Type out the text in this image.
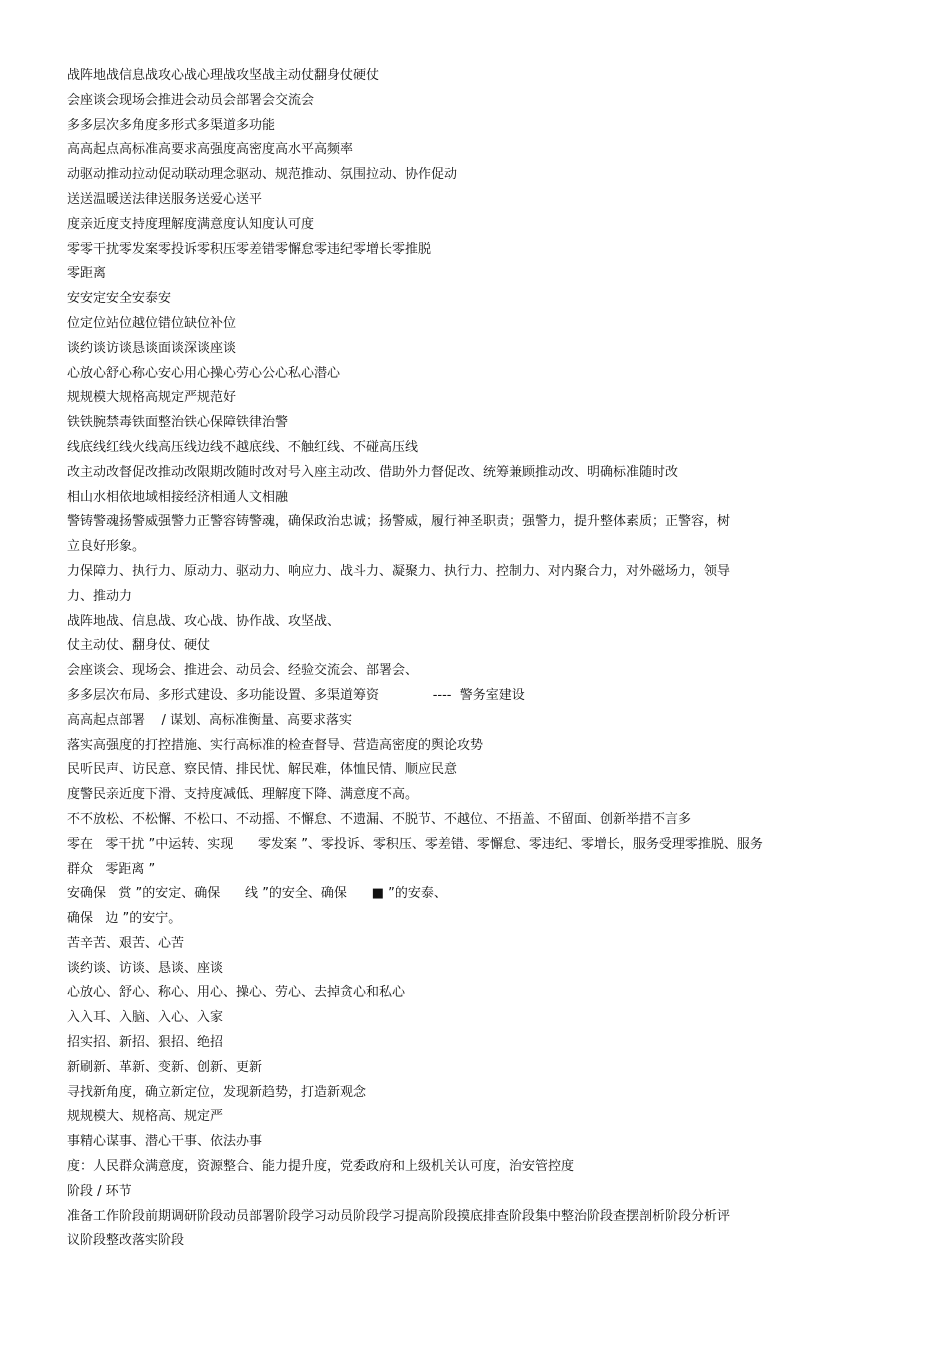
战阵地战信息战攻心战心理战攻坚战主动仗翻身仗硬仗
会座谈会现场会推进会动员会部署会交流会
多多层次多角度多形式多渠道多功能
高高起点高标准高要求高强度高密度高水平高频率
动驱动推动拉动促动联动理念驱动、规范推动、氛围拉动、协作促动
送送温暖送法律送服务送爱心送平
度亲近度支持度理解度满意度认知度认可度
零零干扰零发案零投诉零积压零差错零懈怠零违纪零增长零推脱
零距离
安安定安全安泰安
位定位站位越位错位缺位补位
谈约谈访谈恳谈面谈深谈座谈
心放心舒心称心安心用心操心劳心公心私心潜心
规规模大规格高规定严规范好
铁铁腕禁毒铁面整治铁心保障铁律治警
线底线红线火线高压线边线不越底线、不触红线、不碰高压线
改主动改督促改推动改限期改随时改对号入座主动改、借助外力督促改、统筹兼顾推动改、明确标准随时改
相山水相依地域相接经济相通人文相融
警铸警魂扬警威强警力正警容铸警魂，确保政治忠诚；扬警威，履行神圣职责；强警力，提升整体素质；正警容，树
立良好形象。
力保障力、执行力、原动力、驱动力、响应力、战斗力、凝聚力、执行力、控制力、对内聚合力，对外磁场力，领导
力、推动力
战阵地战、信息战、攻心战、协作战、攻坚战、
仗主动仗、翻身仗、硬仗
会座谈会、现场会、推进会、动员会、经验交流会、部署会、
多多层次布局、多形式建设、多功能设置、多渠道筹资             ----  警务室建设
高高起点部署    / 谋划、高标准衡量、高要求落实
落实高强度的打控措施、实行高标准的检查督导、营造高密度的舆论攻势
民听民声、访民意、察民情、排民忧、解民难，体恤民情、顺应民意
度警民亲近度下滑、支持度减低、理解度下降、满意度不高。
不不放松、不松懈、不松口、不动摇、不懈怠、不遗漏、不脱节、不越位、不捂盖、不留面、创新举措不言多
零在   零干扰 ”中运转、实现      零发案 ”、零投诉、零积压、零差错、零懈怠、零违纪、零增长，服务受理零推脱、服务
群众   零距离 ”
安确保   赏 ”的安定、确保      线 ”的安全、确保      ■ ”的安泰、
确保   边 ”的安宁。
苦辛苦、艰苦、心苦
谈约谈、访谈、恳谈、座谈
心放心、舒心、称心、用心、操心、劳心、去掉贪心和私心
入入耳、入脑、入心、入家
招实招、新招、狠招、绝招
新刷新、革新、变新、创新、更新
寻找新角度，确立新定位，发现新趋势，打造新观念
规规模大、规格高、规定严
事精心谋事、潜心干事、依法办事
度：人民群众满意度，资源整合、能力提升度，党委政府和上级机关认可度，治安管控度
阶段 / 环节
准备工作阶段前期调研阶段动员部署阶段学习动员阶段学习提高阶段摸底排查阶段集中整治阶段查摆剖析阶段分析评
议阶段整改落实阶段
